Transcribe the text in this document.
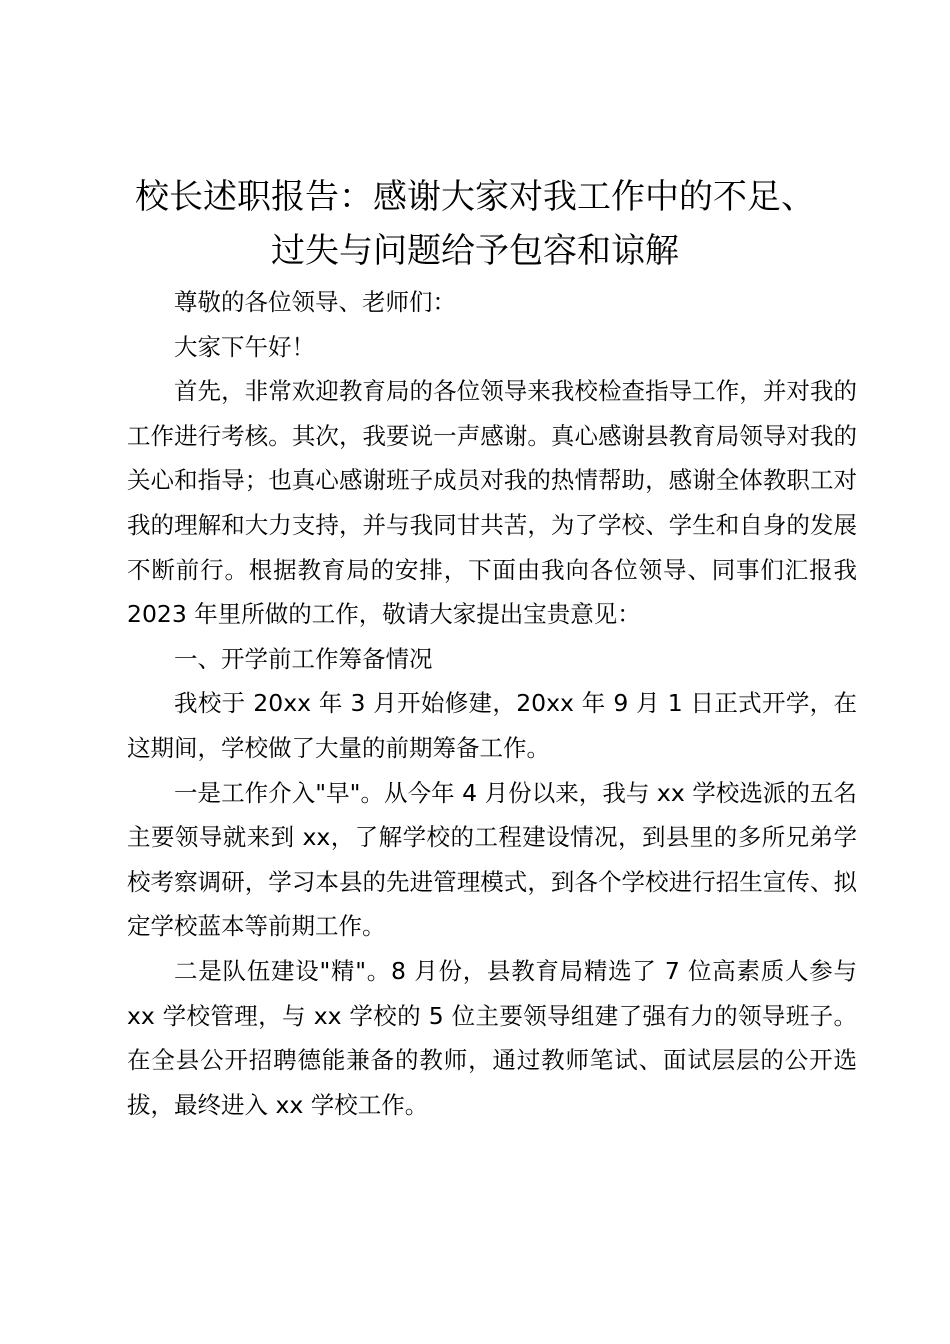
校长述职报告：感谢大家对我工作中的不足、
过失与问题给予包容和谅解

尊敬的各位领导、老师们：

大家下午好！

首先，非常欢迎教育局的各位领导来我校检查指导工作，并对我的工作进行考核。其次，我要说一声感谢。真心感谢县教育局领导对我的关心和指导；也真心感谢班子成员对我的热情帮助，感谢全体教职工对我的理解和大力支持，并与我同甘共苦，为了学校、学生和自身的发展不断前行。根据教育局的安排，下面由我向各位领导、同事们汇报我 2023 年里所做的工作，敬请大家提出宝贵意见：

一、开学前工作筹备情况

我校于 20xx 年 3 月开始修建，20xx 年 9 月 1 日正式开学，在这期间，学校做了大量的前期筹备工作。

一是工作介入"早"。从今年 4 月份以来，我与 xx 学校选派的五名主要领导就来到 xx，了解学校的工程建设情况，到县里的多所兄弟学校考察调研，学习本县的先进管理模式，到各个学校进行招生宣传、拟定学校蓝本等前期工作。

二是队伍建设"精"。8 月份，县教育局精选了 7 位高素质人参与 xx 学校管理，与 xx 学校的 5 位主要领导组建了强有力的领导班子。在全县公开招聘德能兼备的教师，通过教师笔试、面试层层的公开选拔，最终进入 xx 学校工作。
